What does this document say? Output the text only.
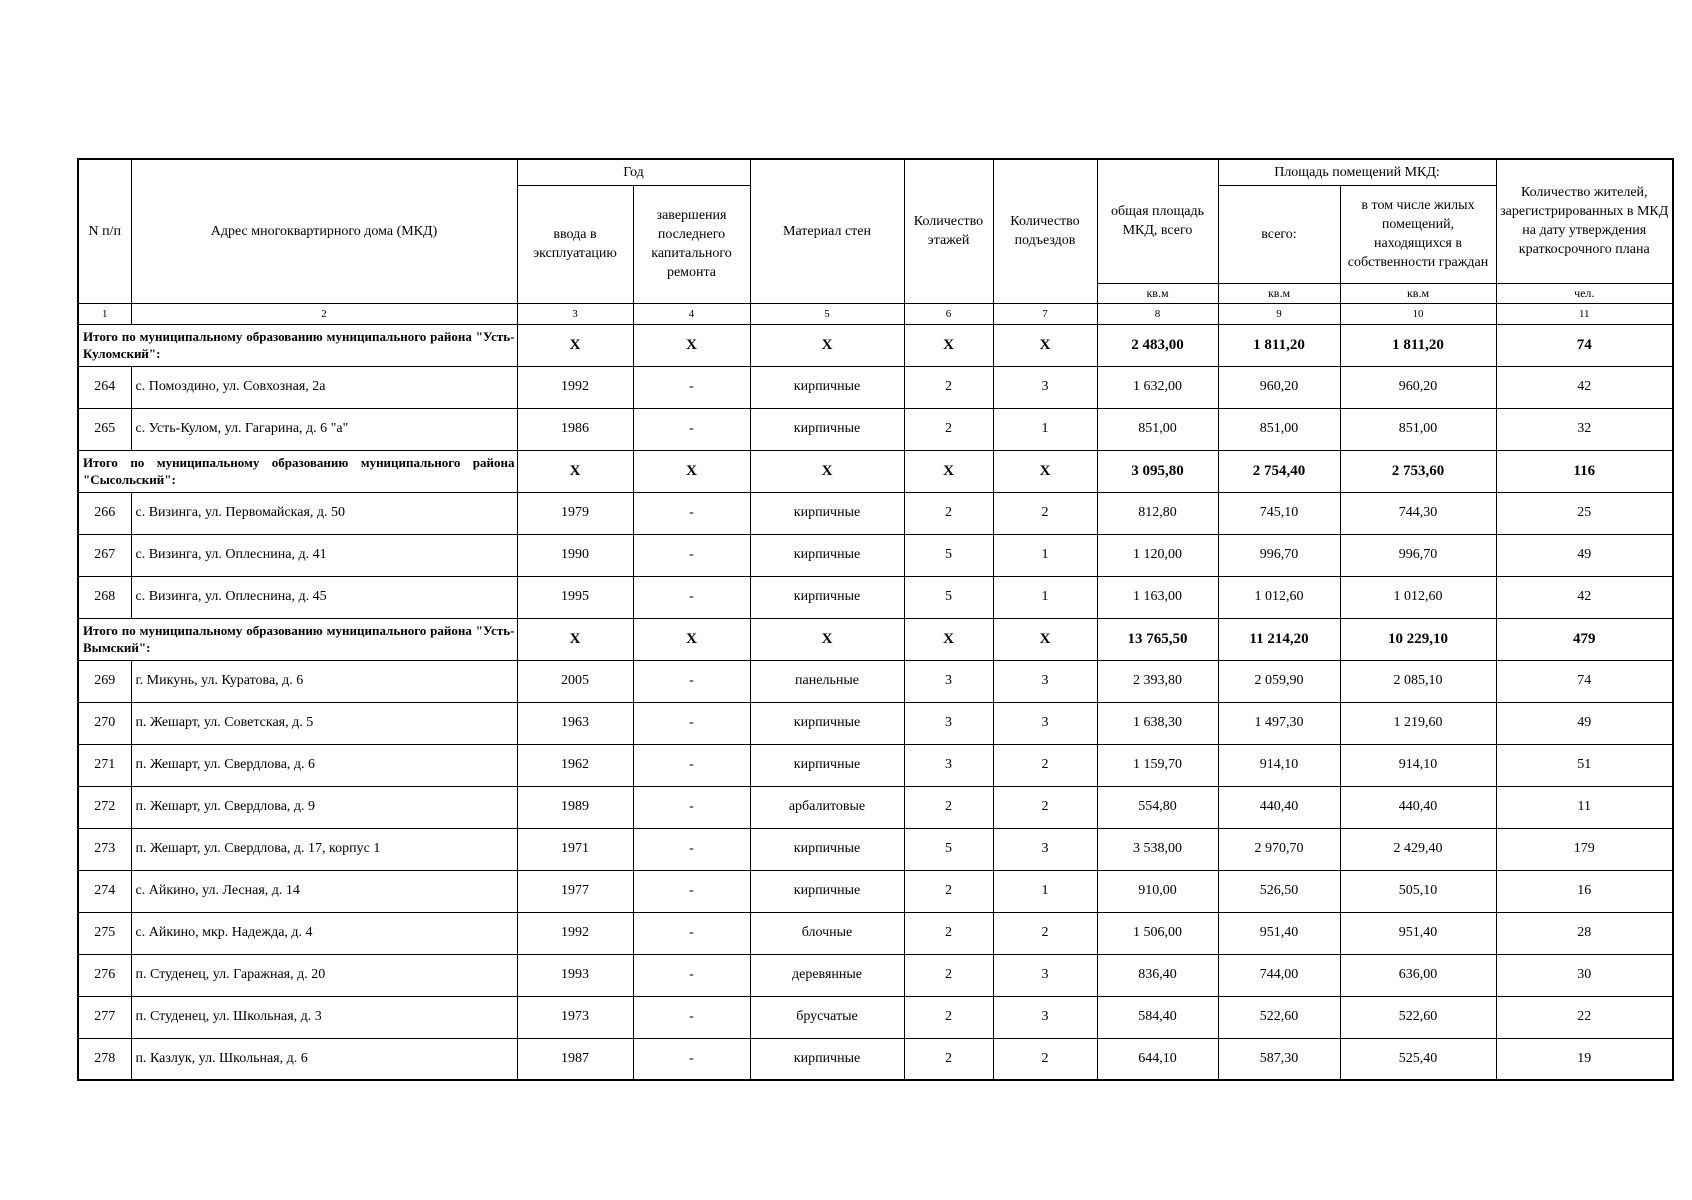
N п/п	Адрес многоквартирного дома (МКД)	Год		Материал стен	Количество этажей	Количество подъездов	общая площадь МКД, всего	Площадь помещений МКД:		Количество жителей, зарегистрированных в МКД на дату утверждения краткосрочного плана
		ввода в эксплуатацию	завершения последнего капитального ремонта					всего:	в том числе жилых помещений, находящихся в собственности граждан	
							кв.м	кв.м	кв.м	чел.
1	2	3	4	5	6	7	8	9	10	11
Итого по муниципальному образованию муниципального района "Усть-Куломский":		X	X	X	X	X	2 483,00	1 811,20	1 811,20	74
264	с. Помоздино, ул. Совхозная, 2а	1992	-	кирпичные	2	3	1 632,00	960,20	960,20	42
265	с. Усть-Кулом, ул. Гагарина, д. 6 "а"	1986	-	кирпичные	2	1	851,00	851,00	851,00	32
Итого по муниципальному образованию муниципального района "Сысольский":		X	X	X	X	X	3 095,80	2 754,40	2 753,60	116
266	с. Визинга, ул. Первомайская, д. 50	1979	-	кирпичные	2	2	812,80	745,10	744,30	25
267	с. Визинга, ул. Оплеснина, д. 41	1990	-	кирпичные	5	1	1 120,00	996,70	996,70	49
268	с. Визинга, ул. Оплеснина, д. 45	1995	-	кирпичные	5	1	1 163,00	1 012,60	1 012,60	42
Итого по муниципальному образованию муниципального района "Усть-Вымский":		X	X	X	X	X	13 765,50	11 214,20	10 229,10	479
269	г. Микунь, ул. Куратова, д. 6	2005	-	панельные	3	3	2 393,80	2 059,90	2 085,10	74
270	п. Жешарт, ул. Советская, д. 5	1963	-	кирпичные	3	3	1 638,30	1 497,30	1 219,60	49
271	п. Жешарт, ул. Свердлова, д. 6	1962	-	кирпичные	3	2	1 159,70	914,10	914,10	51
272	п. Жешарт, ул. Свердлова, д. 9	1989	-	арбалитовые	2	2	554,80	440,40	440,40	11
273	п. Жешарт, ул. Свердлова, д. 17, корпус 1	1971	-	кирпичные	5	3	3 538,00	2 970,70	2 429,40	179
274	с. Айкино, ул. Лесная, д. 14	1977	-	кирпичные	2	1	910,00	526,50	505,10	16
275	с. Айкино, мкр. Надежда, д. 4	1992	-	блочные	2	2	1 506,00	951,40	951,40	28
276	п. Студенец, ул. Гаражная, д. 20	1993	-	деревянные	2	3	836,40	744,00	636,00	30
277	п. Студенец, ул. Школьная, д. 3	1973	-	брусчатые	2	3	584,40	522,60	522,60	22
278	п. Казлук, ул. Школьная, д. 6	1987	-	кирпичные	2	2	644,10	587,30	525,40	19
